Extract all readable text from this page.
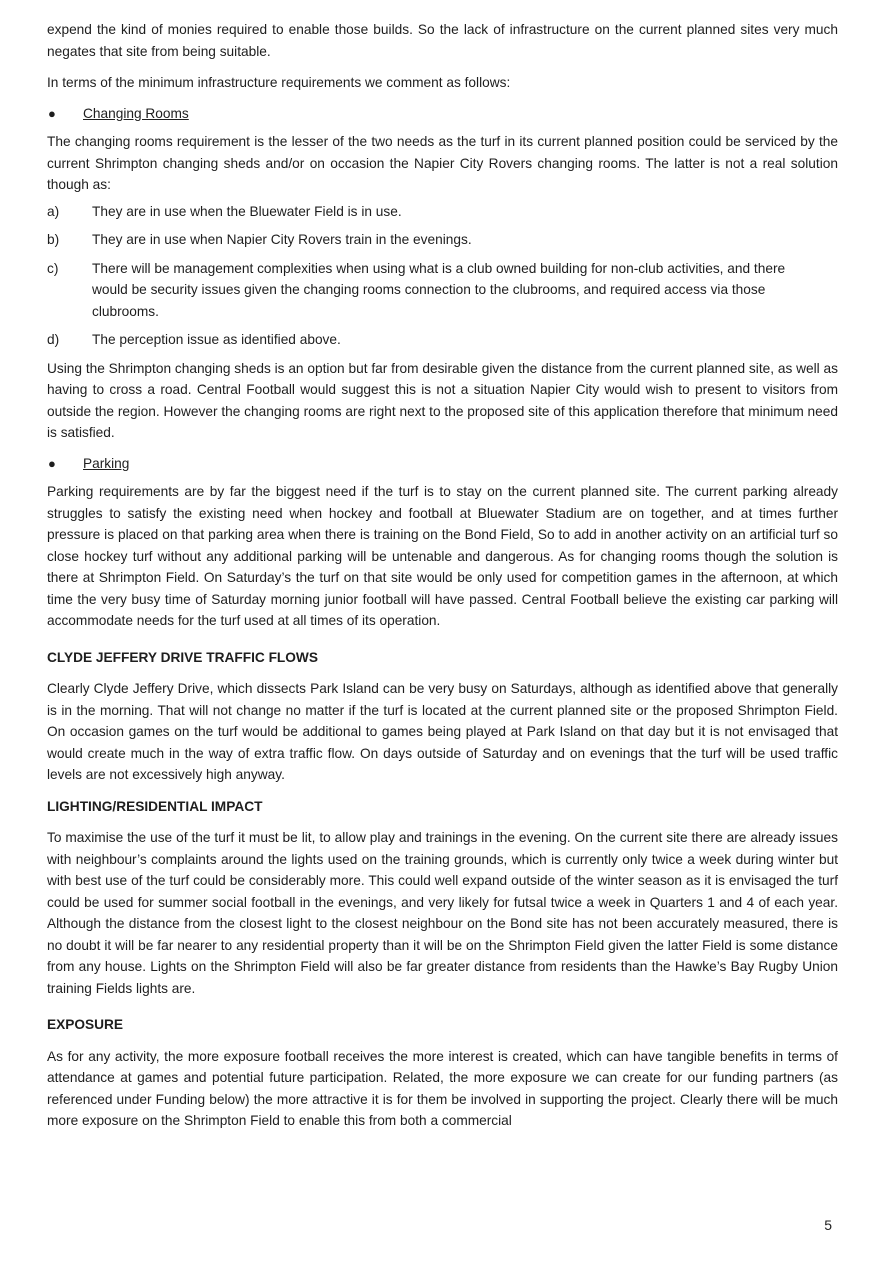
expend the kind of monies required to enable those builds. So the lack of infrastructure on the current planned sites very much negates that site from being suitable.

In terms of the minimum infrastructure requirements we comment as follows:

●	Changing Rooms

The changing rooms requirement is the lesser of the two needs as the turf in its current planned position could be serviced by the current Shrimpton changing sheds and/or on occasion the Napier City Rovers changing rooms. The latter is not a real solution though as:

a)	They are in use when the Bluewater Field is in use.
b)	They are in use when Napier City Rovers train in the evenings.
c)	There will be management complexities when using what is a club owned building for non-club activities, and there would be security issues given the changing rooms connection to the clubrooms, and required access via those clubrooms.
d)	The perception issue as identified above.

Using the Shrimpton changing sheds is an option but far from desirable given the distance from the current planned site, as well as having to cross a road. Central Football would suggest this is not a situation Napier City would wish to present to visitors from outside the region. However the changing rooms are right next to the proposed site of this application therefore that minimum need is satisfied.

●	Parking

Parking requirements are by far the biggest need if the turf is to stay on the current planned site. The current parking already struggles to satisfy the existing need when hockey and football at Bluewater Stadium are on together, and at times further pressure is placed on that parking area when there is training on the Bond Field, So to add in another activity on an artificial turf so close hockey turf without any additional parking will be untenable and dangerous. As for changing rooms though the solution is there at Shrimpton Field. On Saturday’s the turf on that site would be only used for competition games in the afternoon, at which time the very busy time of Saturday morning junior football will have passed. Central Football believe the existing car parking will accommodate needs for the turf used at all times of its operation.

CLYDE JEFFERY DRIVE TRAFFIC FLOWS

Clearly Clyde Jeffery Drive, which dissects Park Island can be very busy on Saturdays, although as identified above that generally is in the morning. That will not change no matter if the turf is located at the current planned site or the proposed Shrimpton Field. On occasion games on the turf would be additional to games being played at Park Island on that day but it is not envisaged that would create much in the way of extra traffic flow. On days outside of Saturday and on evenings that the turf will be used traffic levels are not excessively high anyway.

LIGHTING/RESIDENTIAL IMPACT

To maximise the use of the turf it must be lit, to allow play and trainings in the evening. On the current site there are already issues with neighbour’s complaints around the lights used on the training grounds, which is currently only twice a week during winter but with best use of the turf could be considerably more. This could well expand outside of the winter season as it is envisaged the turf could be used for summer social football in the evenings, and very likely for futsal twice a week in Quarters 1 and 4 of each year. Although the distance from the closest light to the closest neighbour on the Bond site has not been accurately measured, there is no doubt it will be far nearer to any residential property than it will be on the Shrimpton Field given the latter Field is some distance from any house. Lights on the Shrimpton Field will also be far greater distance from residents than the Hawke’s Bay Rugby Union training Fields lights are.

EXPOSURE

As for any activity, the more exposure football receives the more interest is created, which can have tangible benefits in terms of attendance at games and potential future participation. Related, the more exposure we can create for our funding partners (as referenced under Funding below) the more attractive it is for them be involved in supporting the project. Clearly there will be much more exposure on the Shrimpton Field to enable this from both a commercial

5
